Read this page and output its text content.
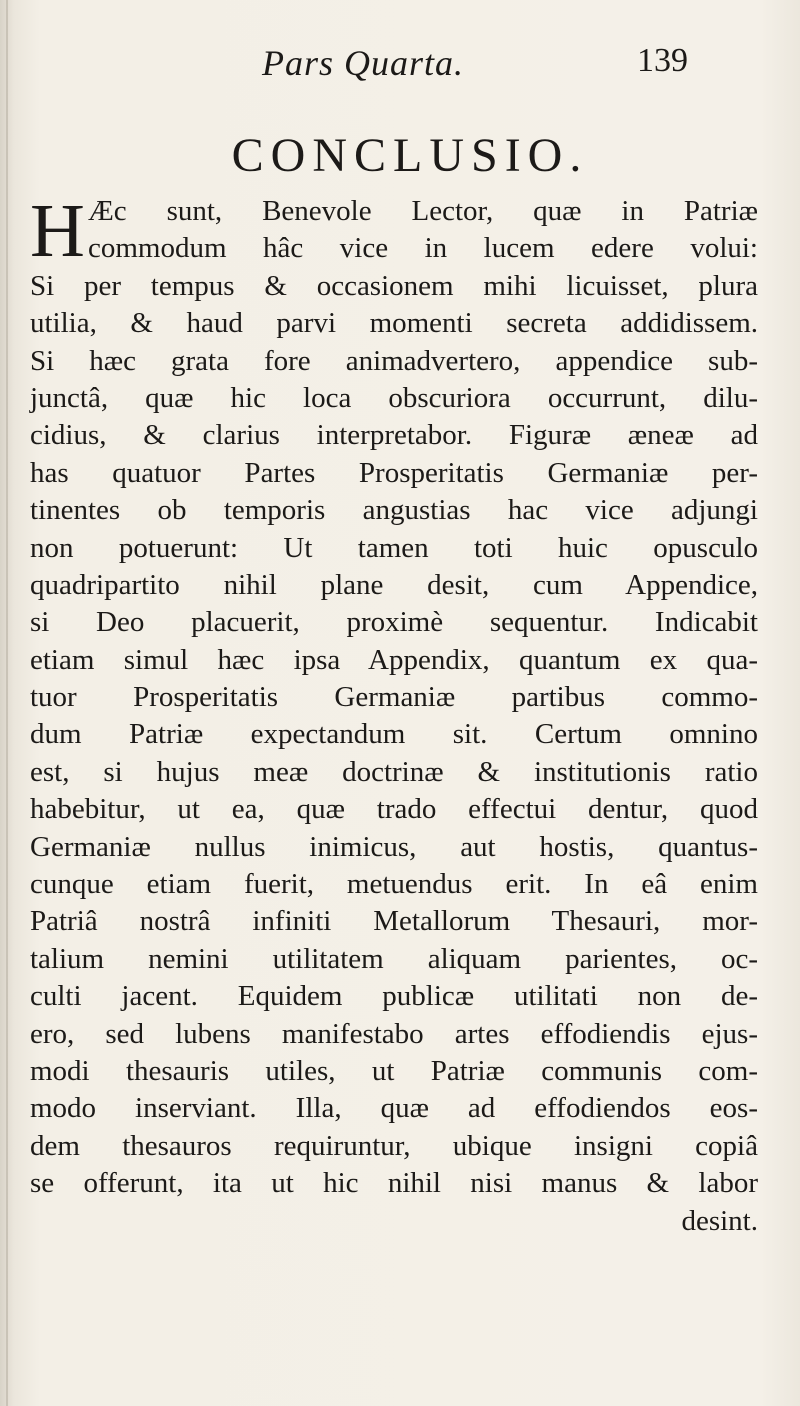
Pars Quarta.	139
CONCLUSIO.
H Æc sunt, Benevole Lector, quæ in Patriæ
commodum hâc vice in lucem edere volui:
Si per tempus & occasionem mihi licuisset, plura
utilia, & haud parvi momenti secreta addidissem.
Si hæc grata fore animadvertero, appendice sub-
junctâ, quæ hic loca obscuriora occurrunt, dilu-
cidius, & clarius interpretabor. Figuræ æneæ ad
has quatuor Partes Prosperitatis Germaniæ per-
tinentes ob temporis angustias hac vice adjungi
non potuerunt: Ut tamen toti huic opusculo
quadripartito nihil plane desit, cum Appendice,
si Deo placuerit, proximè sequentur. Indicabit
etiam simul hæc ipsa Appendix, quantum ex qua-
tuor Prosperitatis Germaniæ partibus commo-
dum Patriæ expectandum sit. Certum omnino
est, si hujus meæ doctrinæ & institutionis ratio
habebitur, ut ea, quæ trado effectui dentur, quod
Germaniæ nullus inimicus, aut hostis, quantus-
cunque etiam fuerit, metuendus erit. In eâ enim
Patriâ nostrâ infiniti Metallorum Thesauri, mor-
talium nemini utilitatem aliquam parientes, oc-
culti jacent. Equidem publicæ utilitati non de-
ero, sed lubens manifestabo artes effodiendis ejus-
modi thesauris utiles, ut Patriæ communis com-
modo inserviant. Illa, quæ ad effodiendos eos-
dem thesauros requiruntur, ubique insigni copiâ
se offerunt, ita ut hic nihil nisi manus & labor
desint.
